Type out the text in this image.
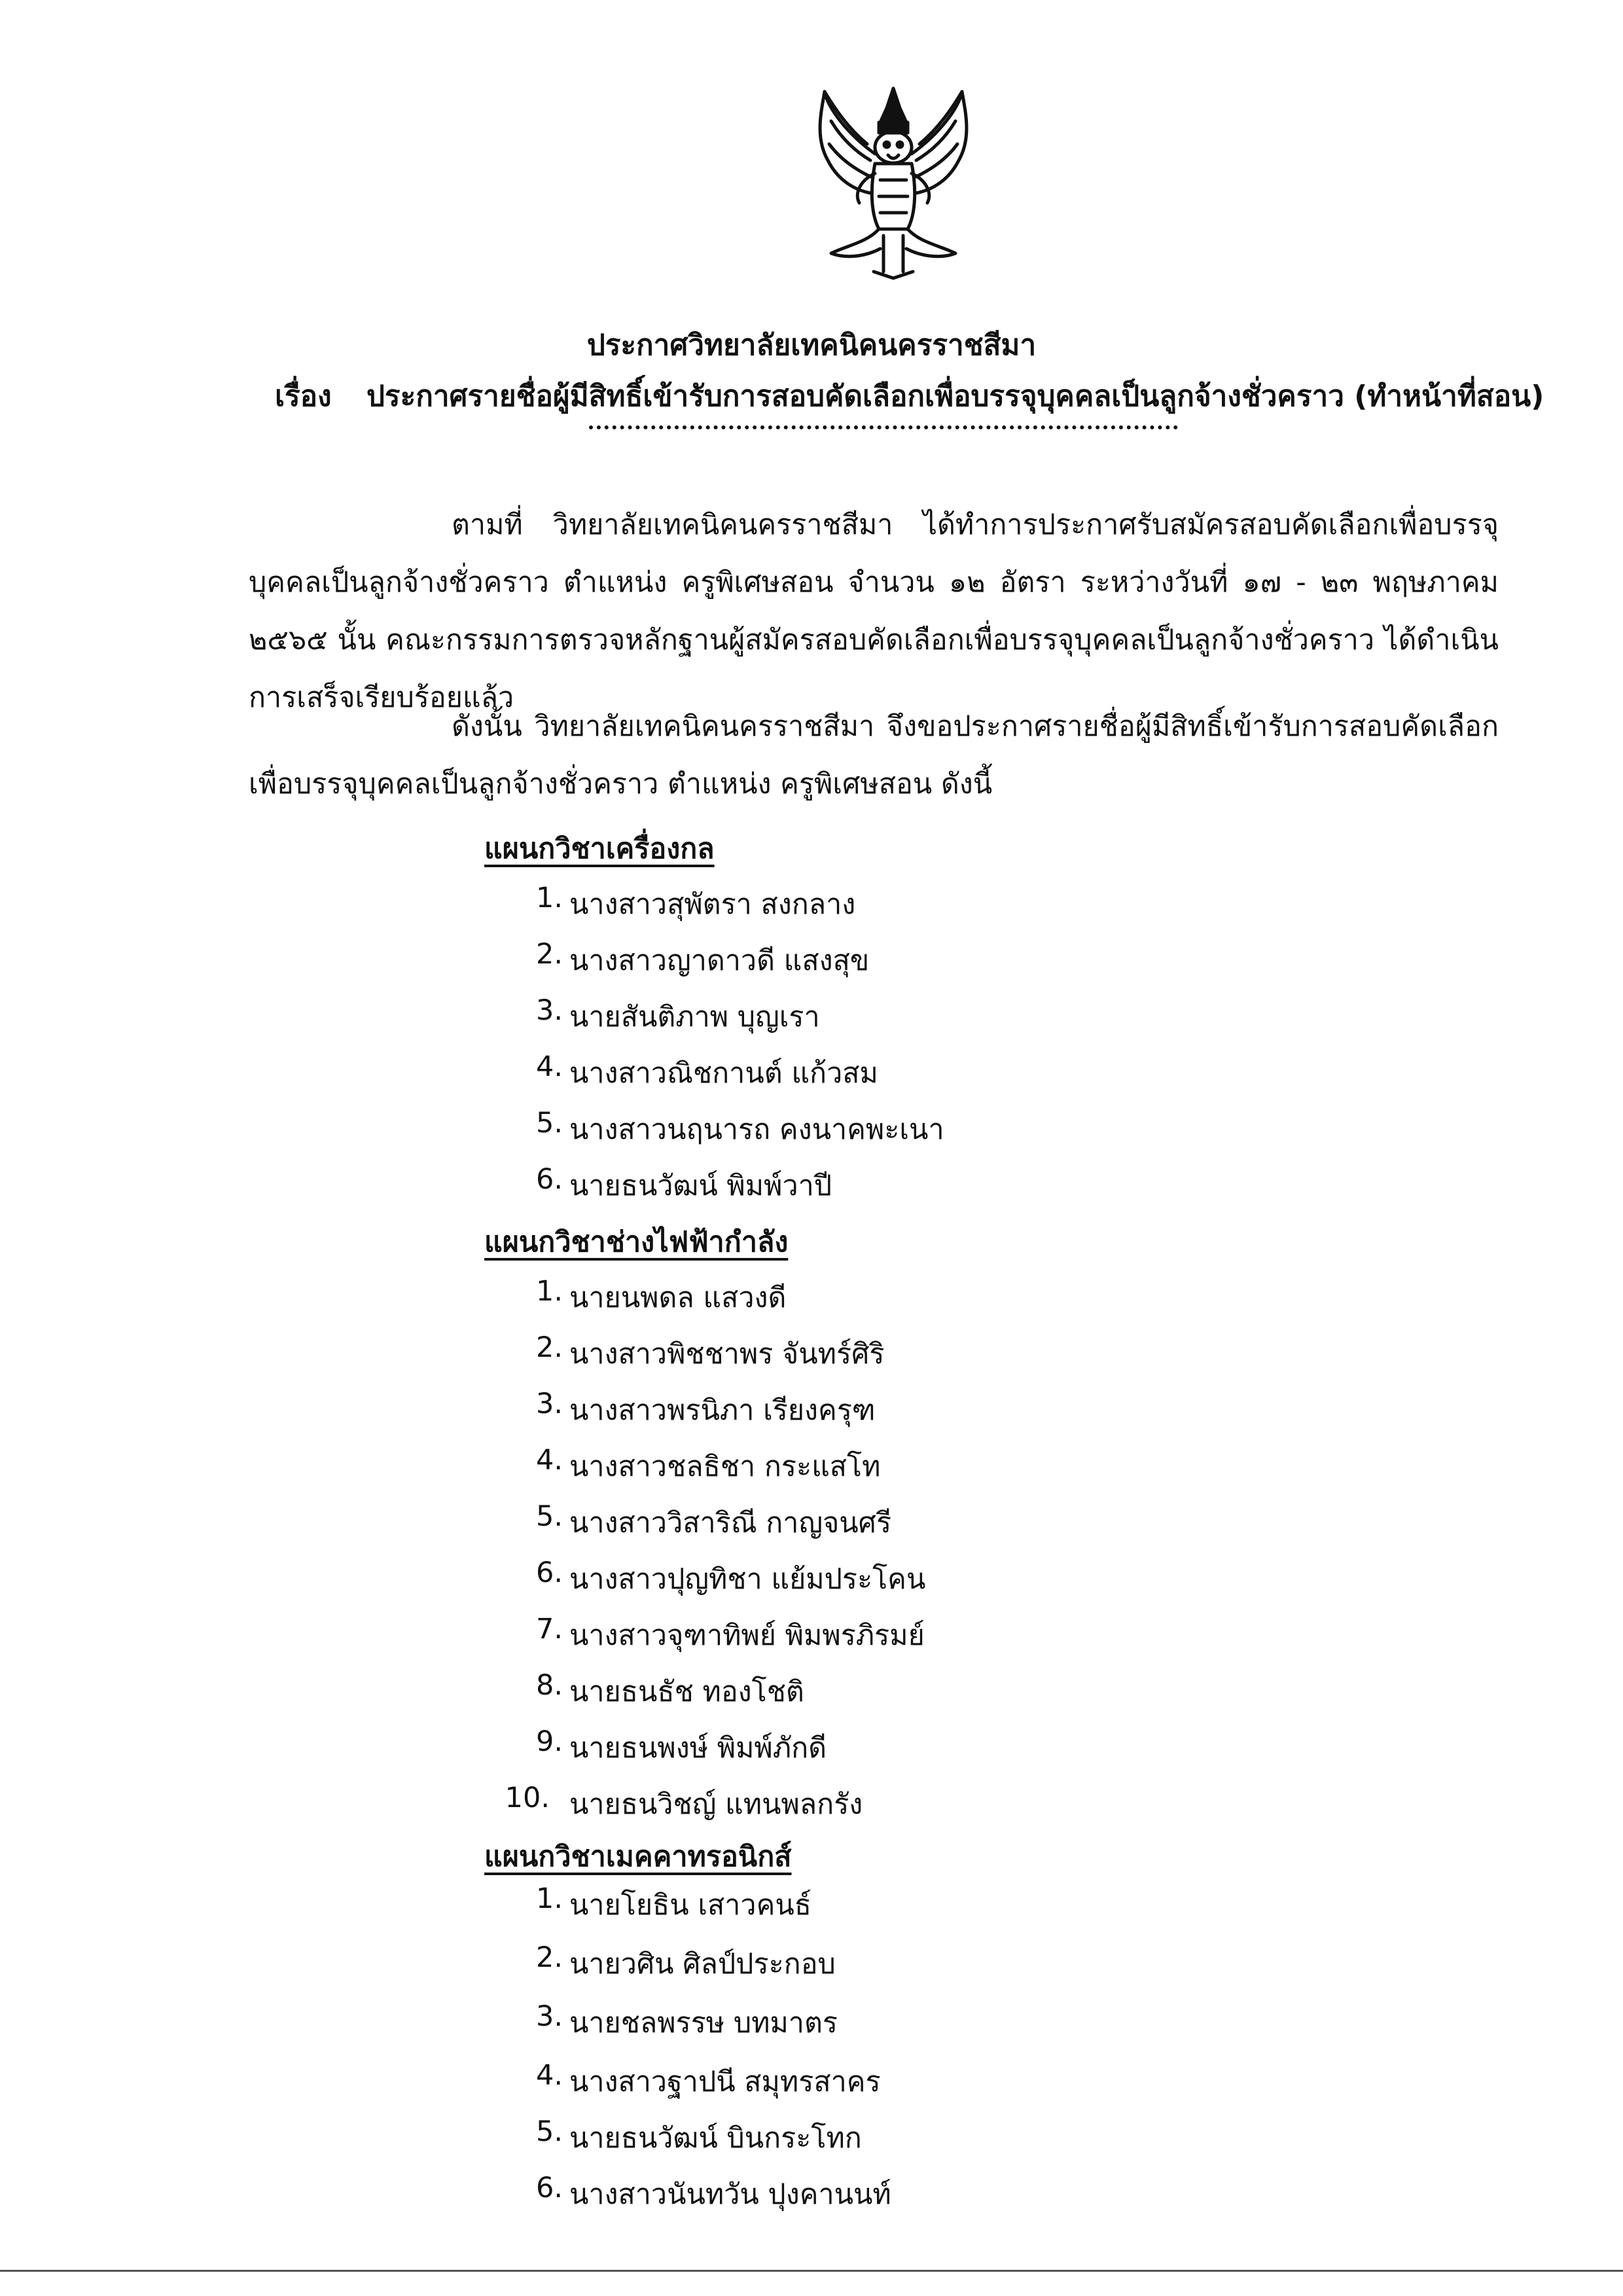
ประกาศวิทยาลัยเทคนิคนครราชสีมา
เรื่อง ประกาศรายชื่อผู้มีสิทธิ์เข้ารับการสอบคัดเลือกเพื่อบรรจุบุคคลเป็นลูกจ้างชั่วคราว (ทำหน้าที่สอน)
ตามที่ วิทยาลัยเทคนิคนครราชสีมา ได้ทำการประกาศรับสมัครสอบคัดเลือกเพื่อบรรจุบุคคลเป็นลูกจ้างชั่วคราว ตำแหน่ง ครูพิเศษสอน จำนวน ๑๒ อัตรา ระหว่างวันที่ ๑๗ - ๒๓ พฤษภาคม ๒๕๖๕ นั้น คณะกรรมการตรวจหลักฐานผู้สมัครสอบคัดเลือกเพื่อบรรจุบุคคลเป็นลูกจ้างชั่วคราว ได้ดำเนินการเสร็จเรียบร้อยแล้ว
ดังนั้น วิทยาลัยเทคนิคนครราชสีมา จึงขอประกาศรายชื่อผู้มีสิทธิ์เข้ารับการสอบคัดเลือกเพื่อบรรจุบุคคลเป็นลูกจ้างชั่วคราว ตำแหน่ง ครูพิเศษสอน ดังนี้
แผนกวิชาเครื่องกล
1. นางสาวสุพัตรา สงกลาง
2. นางสาวญาดาวดี แสงสุข
3. นายสันติภาพ บุญเรา
4. นางสาวณิชกานต์ แก้วสม
5. นางสาวนฤนารถ คงนาคพะเนา
6. นายธนวัฒน์ พิมพ์วาปี
แผนกวิชาช่างไฟฟ้ากำลัง
1. นายนพดล แสวงดี
2. นางสาวพิชชาพร จันทร์ศิริ
3. นางสาวพรนิภา เรียงครุฑ
4. นางสาวชลธิชา กระแสโท
5. นางสาววิสาริณี กาญจนศรี
6. นางสาวปุญทิชา แย้มประโคน
7. นางสาวจุฑาทิพย์ พิมพรภิรมย์
8. นายธนธัช ทองโชติ
9. นายธนพงษ์ พิมพ์ภักดี
10. นายธนวิชญ์ แทนพลกรัง
แผนกวิชาเมคคาทรอนิกส์
1. นายโยธิน เสาวคนธ์
2. นายวศิน ศิลป์ประกอบ
3. นายชลพรรษ บทมาตร
4. นางสาวฐาปนี สมุทรสาคร
5. นายธนวัฒน์ บินกระโทก
6. นางสาวนันทวัน ปุงคานนท์
